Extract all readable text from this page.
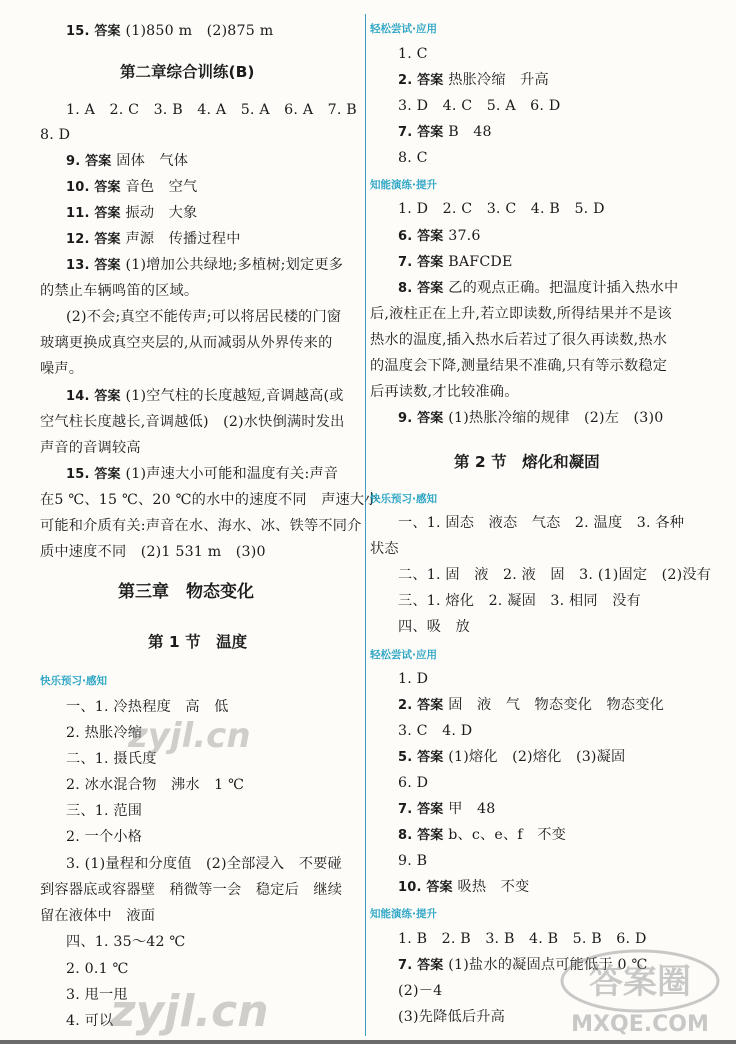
15. 答案 (1)850 m　(2)875 m
第二章综合训练(B)
1. A　2. C　3. B　4. A　5. A　6. A　7. B
8. D
9. 答案 固体　气体
10. 答案 音色　空气
11. 答案 振动　大象
12. 答案 声源　传播过程中
13. 答案 (1)增加公共绿地;多植树;划定更多
的禁止车辆鸣笛的区域。
(2)不会;真空不能传声;可以将居民楼的门窗
玻璃更换成真空夹层的,从而减弱从外界传来的
噪声。
14. 答案 (1)空气柱的长度越短,音调越高(或
空气柱长度越长,音调越低)　(2)水快倒满时发出
声音的音调较高
15. 答案 (1)声速大小可能和温度有关:声音
在5 ℃、15 ℃、20 ℃的水中的速度不同　声速大小
可能和介质有关:声音在水、海水、冰、铁等不同介
质中速度不同　(2)1 531 m　(3)0
第三章　物态变化
第 1 节　温度
快乐预习·感知
一、1. 冷热程度　高　低
2. 热胀冷缩
二、1. 摄氏度
2. 冰水混合物　沸水　1 ℃
三、1. 范围
2. 一个小格
3. (1)量程和分度值　(2)全部浸入　不要碰
到容器底或容器壁　稍微等一会　稳定后　继续
留在液体中　液面
四、1. 35～42 ℃
2. 0.1 ℃
3. 甩一甩
4. 可以
zyjl.cn
zyjl.cn
轻松尝试·应用
1. C
2. 答案 热胀冷缩　升高
3. D　4. C　5. A　6. D
7. 答案 B　48
8. C
知能演练·提升
1. D　2. C　3. C　4. B　5. D
6. 答案 37.6
7. 答案 BAFCDE
8. 答案 乙的观点正确。把温度计插入热水中
后,液柱正在上升,若立即读数,所得结果并不是该
热水的温度,插入热水后若过了很久再读数,热水
的温度会下降,测量结果不准确,只有等示数稳定
后再读数,才比较准确。
9. 答案 (1)热胀冷缩的规律　(2)左　(3)0
第 2 节　熔化和凝固
快乐预习·感知
一、1. 固态　液态　气态　2. 温度　3. 各种
状态
二、1. 固　液　2. 液　固　3. (1)固定　(2)没有
三、1. 熔化　2. 凝固　3. 相同　没有
四、吸　放
轻松尝试·应用
1. D
2. 答案 固　液　气　物态变化　物态变化
3. C　4. D
5. 答案 (1)熔化　(2)熔化　(3)凝固
6. D
7. 答案 甲　48
8. 答案 b、c、e、f　不变
9. B
10. 答案 吸热　不变
知能演练·提升
1. B　2. B　3. B　4. B　5. B　6. D
7. 答案 (1)盐水的凝固点可能低于 0 ℃
(2)－4
(3)先降低后升高
答案圈
MXQE.COM
